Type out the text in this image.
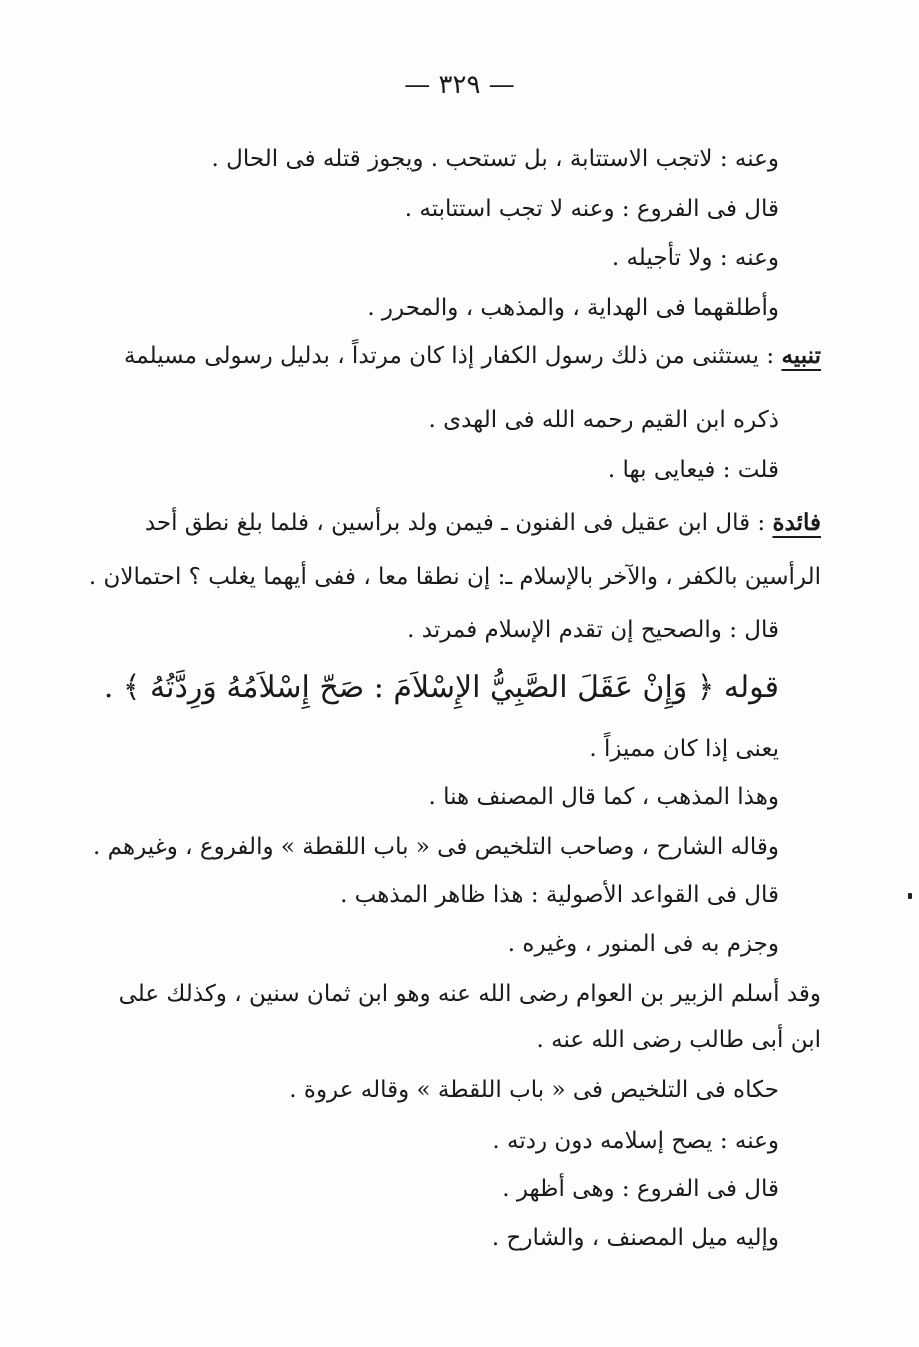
— ٣٢٩ —
وعنه : لاتجب الاستتابة ، بل تستحب . ويجوز قتله فى الحال .
قال فى الفروع : وعنه لا تجب استتابته .
وعنه : ولا تأجيله .
وأطلقهما فى الهداية ، والمذهب ، والمحرر .
تنبيه : يستثنى من ذلك رسول الكفار إذا كان مرتداً ، بدليل رسولى مسيلمة
ذكره ابن القيم رحمه الله فى الهدى .
قلت : فيعايى بها .
فائدة : قال ابن عقيل فى الفنون ـ فيمن ولد برأسين ، فلما بلغ نطق أحد
الرأسين بالكفر ، والآخر بالإسلام ـ: إن نطقا معا ، ففى أيهما يغلب ؟ احتمالان .
قال : والصحيح إن تقدم الإسلام فمرتد .
قوله ﴿ وَإِنْ عَقَلَ الصَّبِيُّ الإِسْلاَمَ : صَحّ إِسْلاَمُهُ وَرِدَّتُهُ ﴾ .
يعنى إذا كان مميزاً .
وهذا المذهب ، كما قال المصنف هنا .
وقاله الشارح ، وصاحب التلخيص فى « باب اللقطة » والفروع ، وغيرهم .
قال فى القواعد الأصولية : هذا ظاهر المذهب .
وجزم به فى المنور ، وغيره .
وقد أسلم الزبير بن العوام رضى الله عنه وهو ابن ثمان سنين ، وكذلك على
ابن أبى طالب رضى الله عنه .
حكاه فى التلخيص فى « باب اللقطة » وقاله عروة .
وعنه : يصح إسلامه دون ردته .
قال فى الفروع : وهى أظهر .
وإليه ميل المصنف ، والشارح .
